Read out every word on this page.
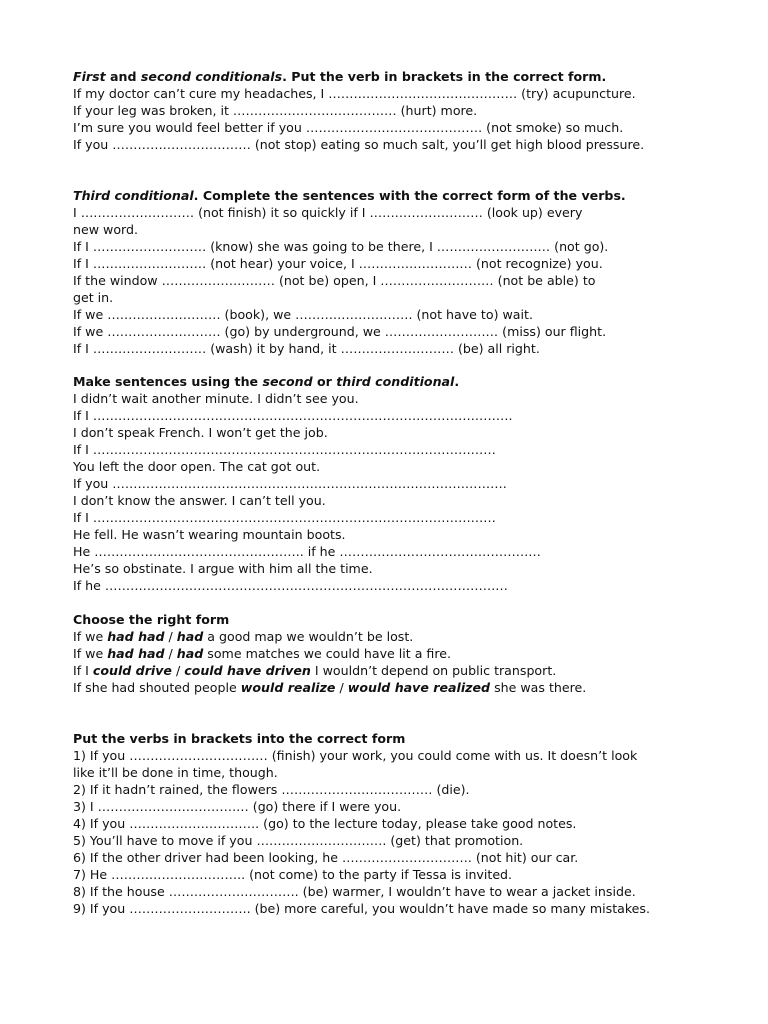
First and second conditionals. Put the verb in brackets in the correct form.
If my doctor can’t cure my headaches, I ……………………………………… (try) acupuncture.
If your leg was broken, it ………………………………… (hurt) more.
I’m sure you would feel better if you …………………………………… (not smoke) so much.
If you …………………………… (not stop) eating so much salt, you’ll get high blood pressure.
Third conditional. Complete the sentences with the correct form of the verbs.
I ……………………… (not finish) it so quickly if I ……………………… (look up) every
new word.
If I ……………………… (know) she was going to be there, I ……………………… (not go).
If I ……………………… (not hear) your voice, I ……………………… (not recognize) you.
If the window ……………………… (not be) open, I ……………………… (not be able) to
get in.
If we ……………………… (book), we ………………………. (not have to) wait.
If we ……………………… (go) by underground, we ……………………… (miss) our flight.
If I ……………………… (wash) it by hand, it ……………………… (be) all right.
Make sentences using the second or third conditional.
I didn’t wait another minute. I didn’t see you.
If I ……………………………………………………………………………………….
I don’t speak French. I won’t get the job.
If I ……………………………………………………………………………………
You left the door open. The cat got out.
If you ………………………………………………………………………………….
I don’t know the answer. I can’t tell you.
If I ……………………………………………………………………………………
He fell. He wasn’t wearing mountain boots.
He ………………………………………….. if he …………………………………………
He’s so obstinate. I argue with him all the time.
If he ……………………………………………………………………………………
Choose the right form
If we had had / had a good map we wouldn’t be lost.
If we had had / had some matches we could have lit a fire.
If I could drive / could have driven I wouldn’t depend on public transport.
If she had shouted people would realize / would have realized she was there.
Put the verbs in brackets into the correct form
1) If you …………………………… (finish) your work, you could come with us. It doesn’t look
like it’ll be done in time, though.
2) If it hadn’t rained, the flowers ……………………………… (die).
3) I ……………………………… (go) there if I were you.
4) If you …………………………. (go) to the lecture today, please take good notes.
5) You’ll have to move if you …………………………. (get) that promotion.
6) If the other driver had been looking, he …………………………. (not hit) our car.
7) He ………………………….. (not come) to the party if Tessa is invited.
8) If the house …………………………. (be) warmer, I wouldn’t have to wear a jacket inside.
9) If you ……………………….. (be) more careful, you wouldn’t have made so many mistakes.
